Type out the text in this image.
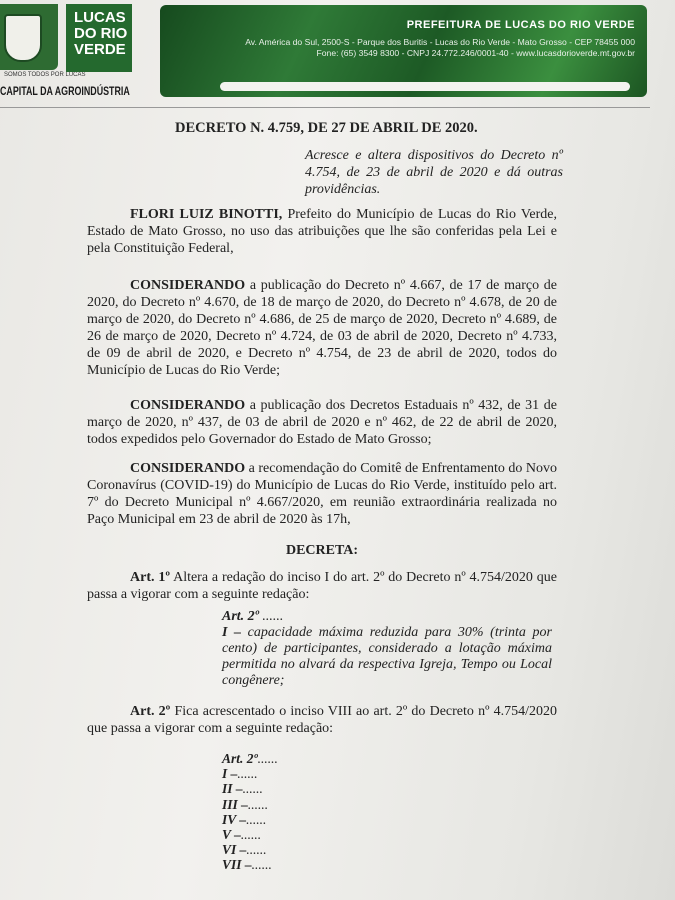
SOMOS TODOS POR LUCAS
LUCAS
DO RIO
VERDE
PREFEITURA DE LUCAS DO RIO VERDE
Av. América do Sul, 2500-S - Parque dos Buritis - Lucas do Rio Verde - Mato Grosso - CEP 78455 000
Fone: (65) 3549 8300 - CNPJ 24.772.246/0001-40 - www.lucasdorioverde.mt.gov.br
CAPITAL DA AGROINDÚSTRIA
DECRETO N. 4.759, DE 27 DE ABRIL DE 2020.
Acresce e altera dispositivos do Decreto nº 4.754, de 23 de abril de 2020 e dá outras providências.
FLORI LUIZ BINOTTI, Prefeito do Município de Lucas do Rio Verde, Estado de Mato Grosso, no uso das atribuições que lhe são conferidas pela Lei e pela Constituição Federal,
CONSIDERANDO a publicação do Decreto nº 4.667, de 17 de março de 2020, do Decreto nº 4.670, de 18 de março de 2020, do Decreto nº 4.678, de 20 de março de 2020, do Decreto nº 4.686, de 25 de março de 2020, Decreto nº 4.689, de 26 de março de 2020, Decreto nº 4.724, de 03 de abril de 2020, Decreto nº 4.733, de 09 de abril de 2020, e Decreto nº 4.754, de 23 de abril de 2020, todos do Município de Lucas do Rio Verde;
CONSIDERANDO a publicação dos Decretos Estaduais nº 432, de 31 de março de 2020, nº 437, de 03 de abril de 2020 e nº 462, de 22 de abril de 2020, todos expedidos pelo Governador do Estado de Mato Grosso;
CONSIDERANDO a recomendação do Comitê de Enfrentamento do Novo Coronavírus (COVID-19) do Município de Lucas do Rio Verde, instituído pelo art. 7º do Decreto Municipal nº 4.667/2020, em reunião extraordinária realizada no Paço Municipal em 23 de abril de 2020 às 17h,
DECRETA:
Art. 1º Altera a redação do inciso I do art. 2º do Decreto nº 4.754/2020 que passa a vigorar com a seguinte redação:
Art. 2º ......
I – capacidade máxima reduzida para 30% (trinta por cento) de participantes, considerado a lotação máxima permitida no alvará da respectiva Igreja, Tempo ou Local congênere;
Art. 2º Fica acrescentado o inciso VIII ao art. 2º do Decreto nº 4.754/2020 que passa a vigorar com a seguinte redação:
Art. 2º......
I –......
II –......
III –......
IV –......
V –......
VI –......
VII –......
